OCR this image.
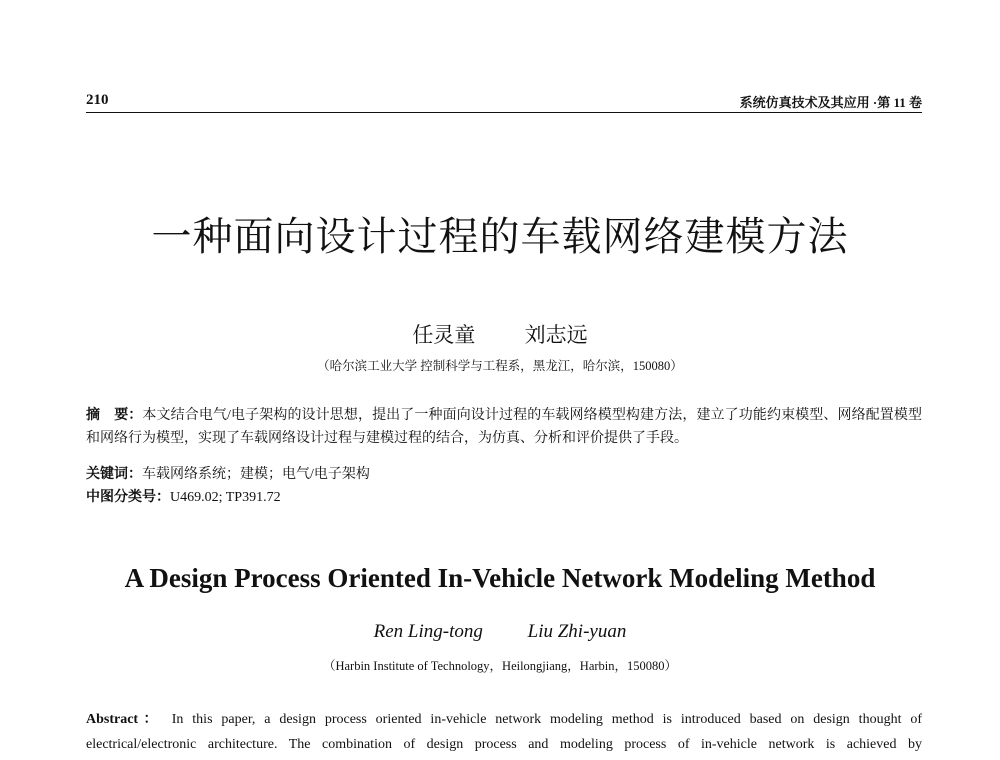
210	系统仿真技术及其应用 ·第 11 卷
一种面向设计过程的车载网络建模方法
任灵童 刘志远
（哈尔滨工业大学 控制科学与工程系，黑龙江，哈尔滨，150080）

摘　要：本文结合电气/电子架构的设计思想，提出了一种面向设计过程的车载网络模型构建方法，建立了功能约束模型、网络配置模型和网络行为模型，实现了车载网络设计过程与建模过程的结合，为仿真、分析和评价提供了手段。

关键词：车载网络系统；建模；电气/电子架构

中图分类号：U469.02; TP391.72

A Design Process Oriented In-Vehicle Network Modeling Method
Ren Ling-tong Liu Zhi-yuan
（Harbin Institute of Technology，Heilongjiang，Harbin，150080）

Abstract： In this paper, a design process oriented in-vehicle network modeling method is introduced based on design thought of electrical/electronic architecture. The combination of design process and modeling process of in-vehicle network is achieved by
